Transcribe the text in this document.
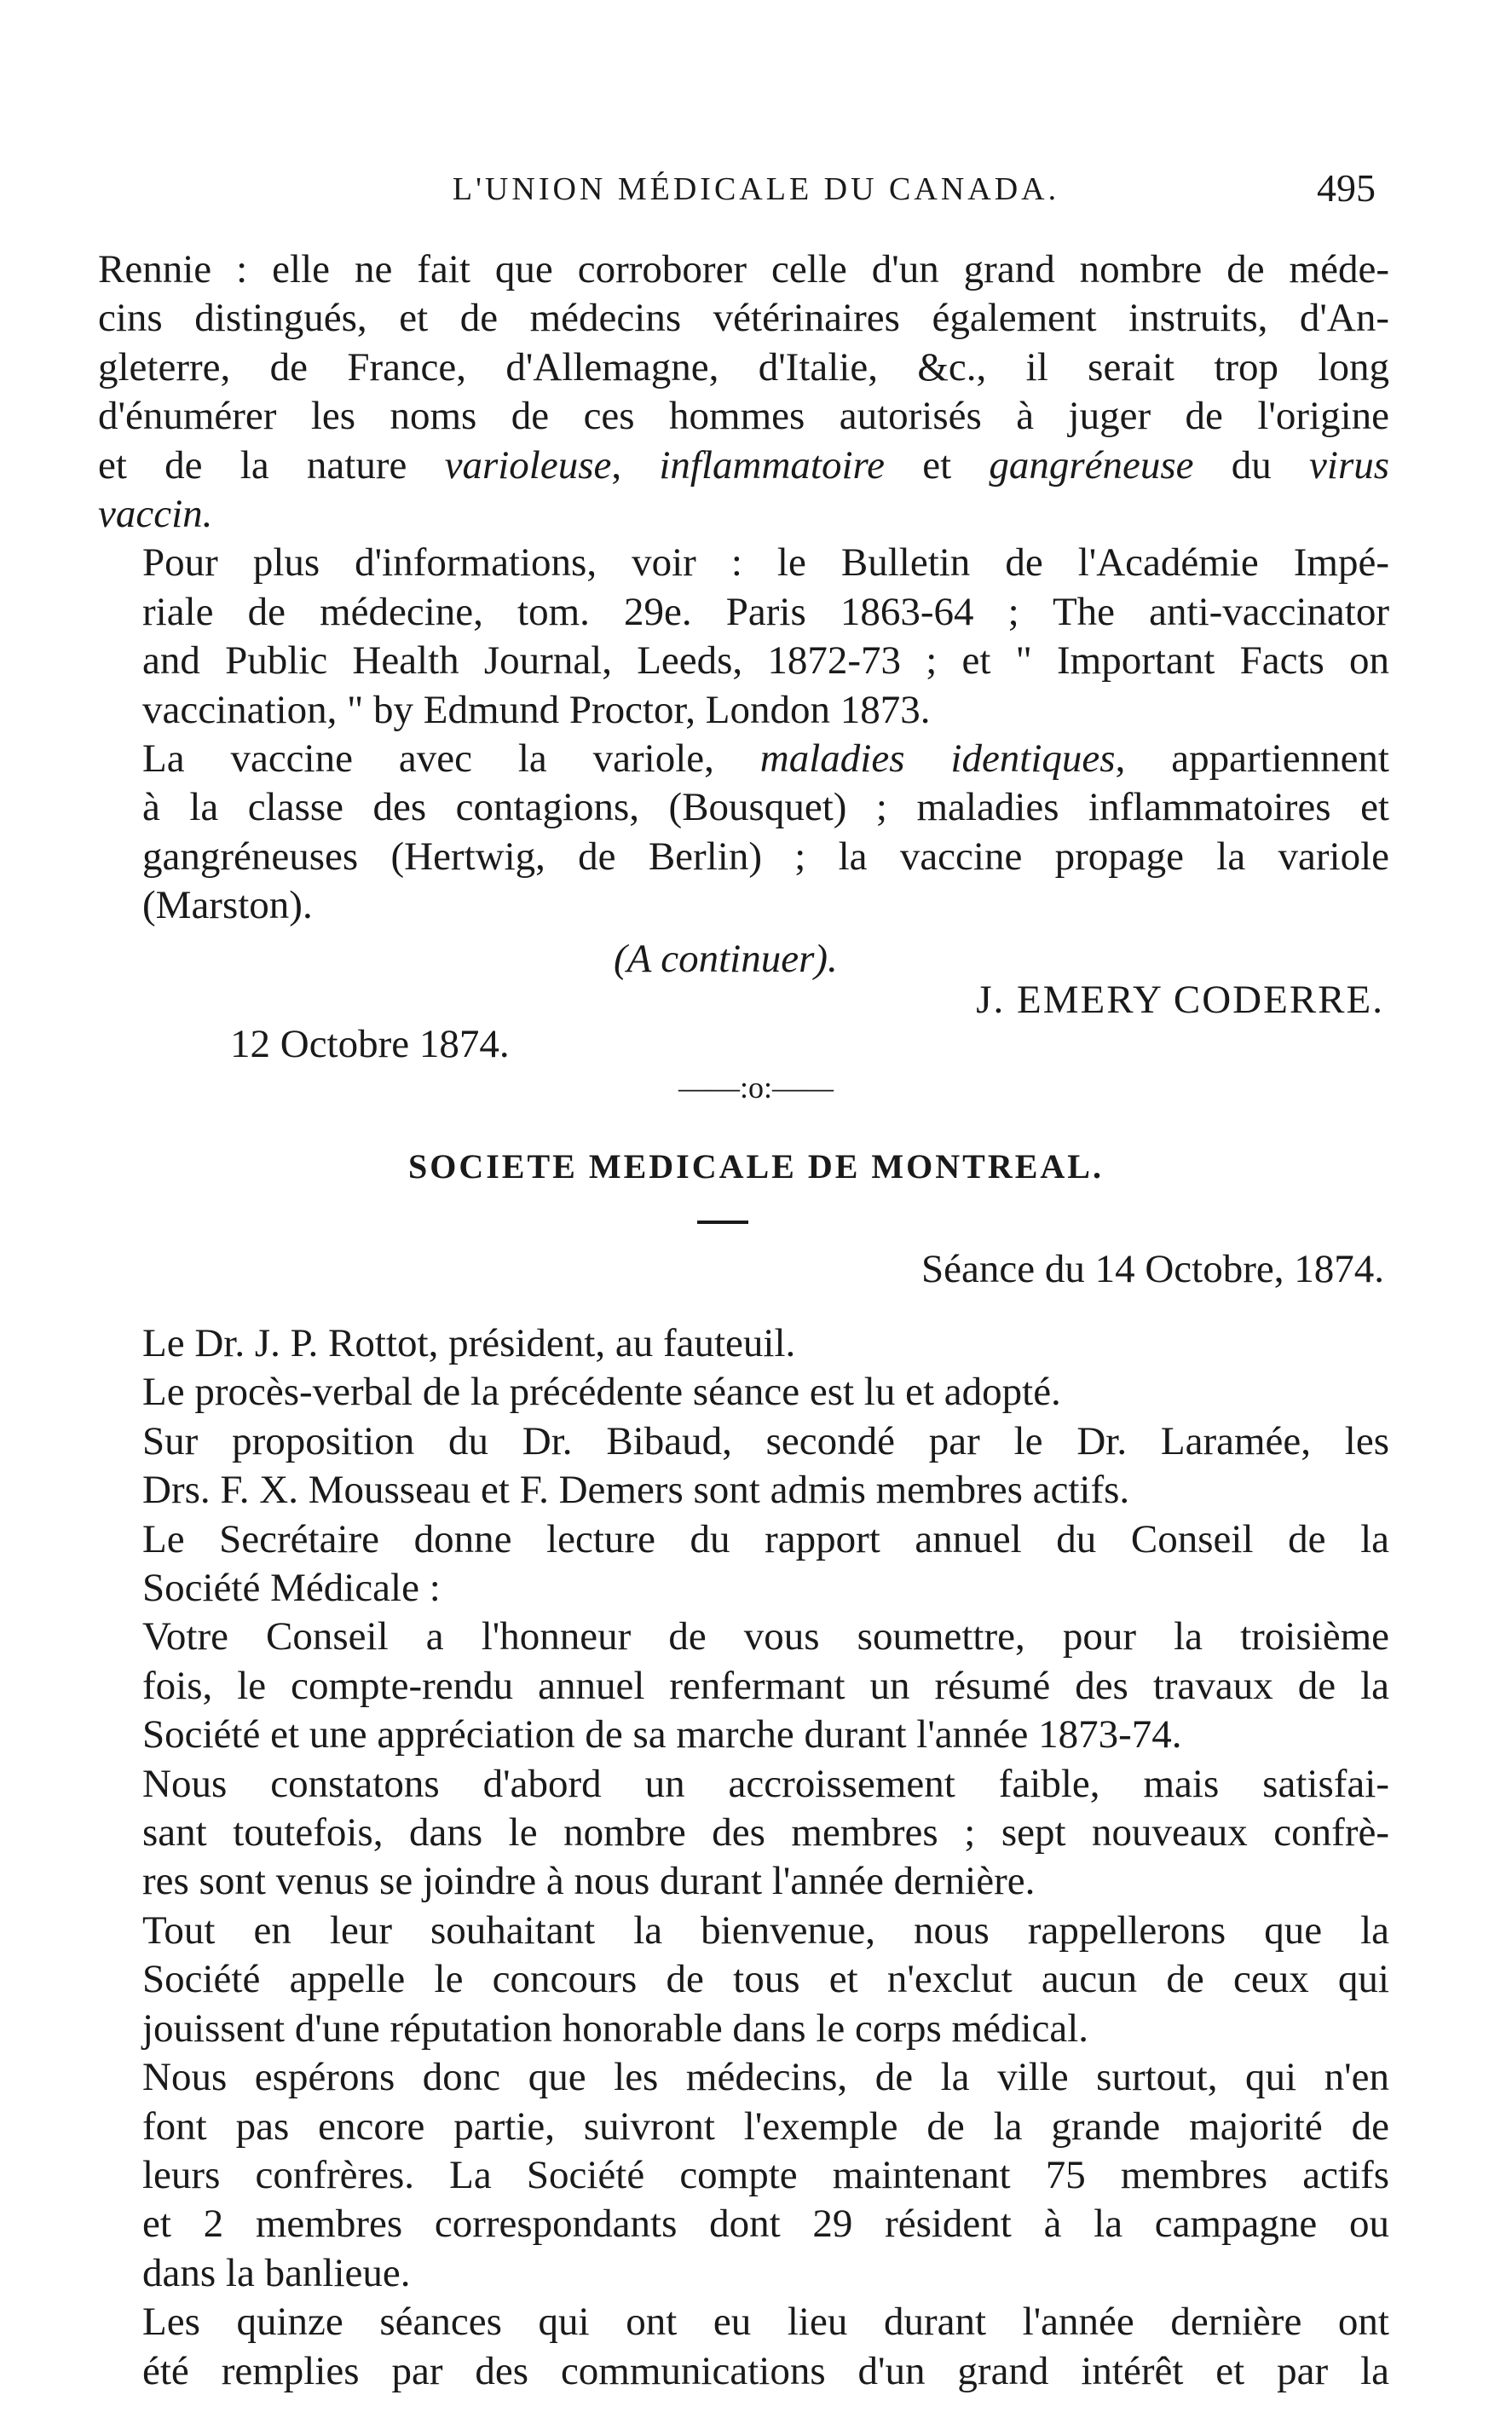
L'UNION MÉDICALE DU CANADA.	495

Rennie : elle ne fait que corroborer celle d'un grand nombre de méde-
cins distingués, et de médecins vétérinaires également instruits, d'An-
gleterre, de France, d'Allemagne, d'Italie, &c., il serait trop long
d'énumérer les noms de ces hommes autorisés à juger de l'origine
et de la nature varioleuse, inflammatoire et gangréneuse du virus
vaccin.

Pour plus d'informations, voir : le Bulletin de l'Académie Impé-
riale de médecine, tom. 29e. Paris 1863-64 ; The anti-vaccinator
and Public Health Journal, Leeds, 1872-73 ; et " Important Facts on
vaccination, " by Edmund Proctor, London 1873.

La vaccine avec la variole, maladies identiques, appartiennent
à la classe des contagions, (Bousquet) ; maladies inflammatoires et
gangréneuses (Hertwig, de Berlin) ; la vaccine propage la variole
(Marston).

(A continuer).
J. EMERY CODERRE.
12 Octobre 1874.
——:o:——
SOCIETE MEDICALE DE MONTREAL.
Séance du 14 Octobre, 1874.

Le Dr. J. P. Rottot, président, au fauteuil.

Le procès-verbal de la précédente séance est lu et adopté.

Sur proposition du Dr. Bibaud, secondé par le Dr. Laramée, les
Drs. F. X. Mousseau et F. Demers sont admis membres actifs.

Le Secrétaire donne lecture du rapport annuel du Conseil de la
Société Médicale :

Votre Conseil a l'honneur de vous soumettre, pour la troisième
fois, le compte-rendu annuel renfermant un résumé des travaux de la
Société et une appréciation de sa marche durant l'année 1873-74.

Nous constatons d'abord un accroissement faible, mais satisfai-
sant toutefois, dans le nombre des membres ; sept nouveaux confrè-
res sont venus se joindre à nous durant l'année dernière.

Tout en leur souhaitant la bienvenue, nous rappellerons que la
Société appelle le concours de tous et n'exclut aucun de ceux qui
jouissent d'une réputation honorable dans le corps médical.

Nous espérons donc que les médecins, de la ville surtout, qui n'en
font pas encore partie, suivront l'exemple de la grande majorité de
leurs confrères. La Société compte maintenant 75 membres actifs
et 2 membres correspondants dont 29 résident à la campagne ou
dans la banlieue.

Les quinze séances qui ont eu lieu durant l'année dernière ont
été remplies par des communications d'un grand intérêt et par la
